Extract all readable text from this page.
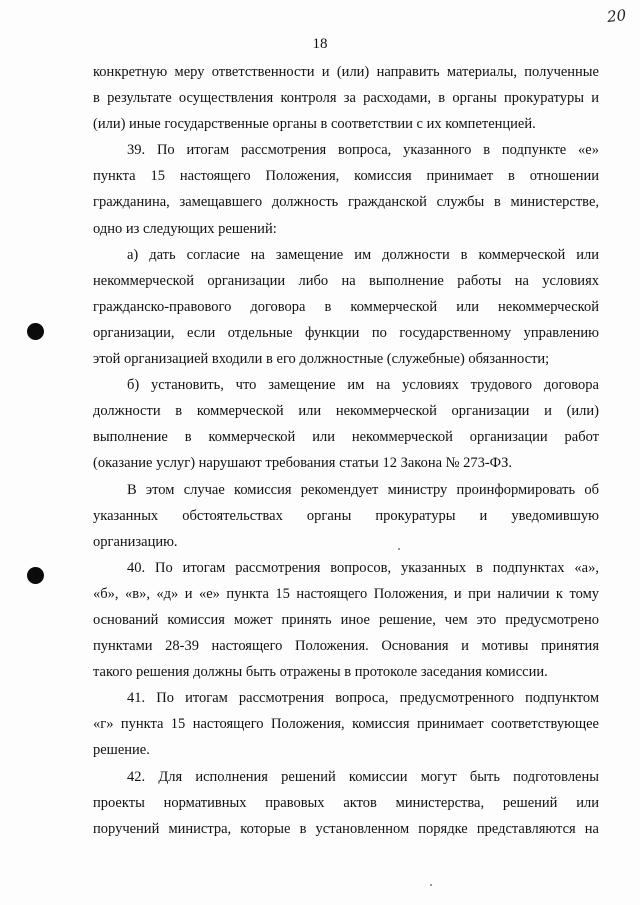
20
18
конкретную меру ответственности и (или) направить материалы, полученные
в результате осуществления контроля за расходами, в органы прокуратуры и
(или) иные государственные органы в соответствии с их компетенцией.
39. По итогам рассмотрения вопроса, указанного в подпункте «е»
пункта 15 настоящего Положения, комиссия принимает в отношении
гражданина, замещавшего должность гражданской службы в министерстве,
одно из следующих решений:
а) дать согласие на замещение им должности в коммерческой или
некоммерческой организации либо на выполнение работы на условиях
гражданско-правового договора в коммерческой или некоммерческой
организации, если отдельные функции по государственному управлению
этой организацией входили в его должностные (служебные) обязанности;
б) установить, что замещение им на условиях трудового договора
должности в коммерческой или некоммерческой организации и (или)
выполнение в коммерческой или некоммерческой организации работ
(оказание услуг) нарушают требования статьи 12 Закона № 273-ФЗ.
В этом случае комиссия рекомендует министру проинформировать об
указанных обстоятельствах органы прокуратуры и уведомившую
организацию.
40. По итогам рассмотрения вопросов, указанных в подпунктах «а»,
«б», «в», «д» и «е» пункта 15 настоящего Положения, и при наличии к тому
оснований комиссия может принять иное решение, чем это предусмотрено
пунктами 28-39 настоящего Положения. Основания и мотивы принятия
такого решения должны быть отражены в протоколе заседания комиссии.
41. По итогам рассмотрения вопроса, предусмотренного подпунктом
«г» пункта 15 настоящего Положения, комиссия принимает соответствующее
решение.
42. Для исполнения решений комиссии могут быть подготовлены
проекты нормативных правовых актов министерства, решений или
поручений министра, которые в установленном порядке представляются на
